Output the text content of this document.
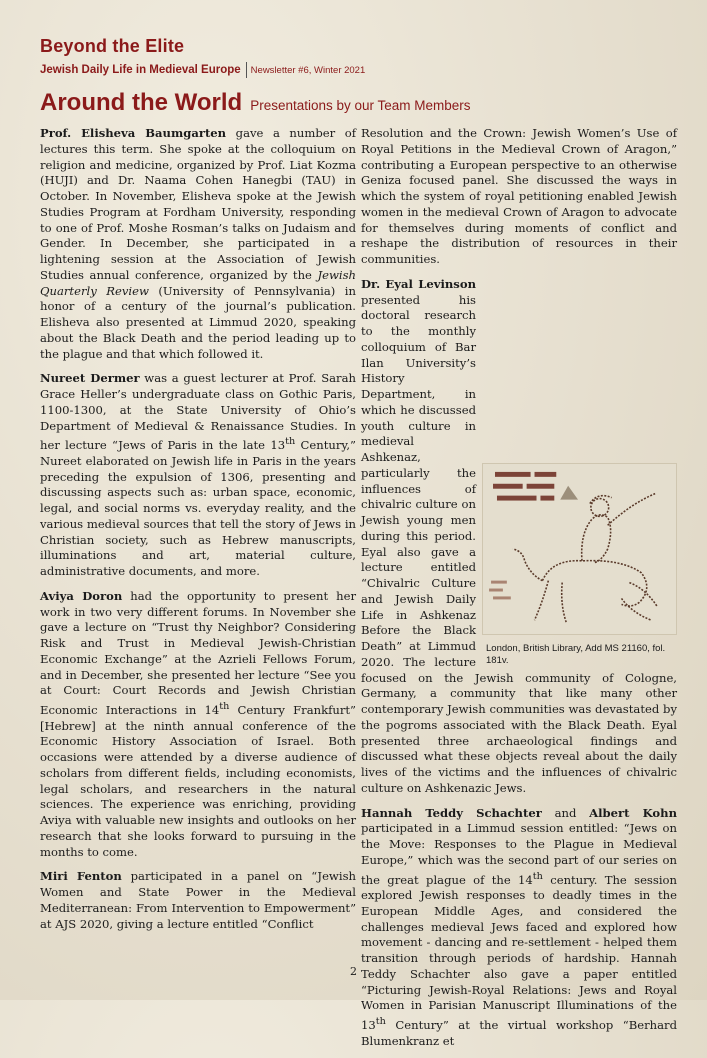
Beyond the Elite
Jewish Daily Life in Medieval Europe Newsletter #6, Winter 2021
Around the World Presentations by our Team Members

Prof. Elisheva Baumgarten gave a number of lectures this term. She spoke at the colloquium on religion and medicine, organized by Prof. Liat Kozma (HUJI) and Dr. Naama Cohen Hanegbi (TAU) in October. In November, Elisheva spoke at the Jewish Studies Program at Fordham University, responding to one of Prof. Moshe Rosman’s talks on Judaism and Gender. In December, she participated in a lightening session at the Association of Jewish Studies annual conference, organized by the Jewish Quarterly Review (University of Pennsylvania) in honor of a century of the journal’s publication. Elisheva also presented at Limmud 2020, speaking about the Black Death and the period leading up to the plague and that which followed it.

Nureet Dermer was a guest lecturer at Prof. Sarah Grace Heller’s undergraduate class on Gothic Paris, 1100-1300, at the State University of Ohio’s Department of Medieval & Renaissance Studies. In her lecture “Jews of Paris in the late 13th Century,” Nureet elaborated on Jewish life in Paris in the years preceding the expulsion of 1306, presenting and discussing aspects such as: urban space, economic, legal, and social norms vs. everyday reality, and the various medieval sources that tell the story of Jews in Christian society, such as Hebrew manuscripts, illuminations and art, material culture, administrative documents, and more.

Aviya Doron had the opportunity to present her work in two very different forums. In November she gave a lecture on “Trust thy Neighbor? Considering Risk and Trust in Medieval Jewish-Christian Economic Exchange” at the Azrieli Fellows Forum, and in December, she presented her lecture “See you at Court: Court Records and Jewish Christian Economic Interactions in 14th Century Frankfurt” [Hebrew] at the ninth annual conference of the Economic History Association of Israel. Both occasions were attended by a diverse audience of scholars from different fields, including economists, legal scholars, and researchers in the natural sciences. The experience was enriching, providing Aviya with valuable new insights and outlooks on her research that she looks forward to pursuing in the months to come.

Miri Fenton participated in a panel on “Jewish Women and State Power in the Medieval Mediterranean: From Intervention to Empowerment” at AJS 2020, giving a lecture entitled “Conflict

Resolution and the Crown: Jewish Women’s Use of Royal Petitions in the Medieval Crown of Aragon,” contributing a European perspective to an otherwise Geniza focused panel. She discussed the ways in which the system of royal petitioning enabled Jewish women in the medieval Crown of Aragon to advocate for themselves during moments of conflict and reshape the distribution of resources in their communities.

London, British Library, Add MS 21160, fol. 181v.
Dr. Eyal Levinson presented his doctoral research to the monthly colloquium of Bar Ilan University’s History Department, in which he discussed youth culture in medieval Ashkenaz, particularly the influences of chivalric culture on Jewish young men during this period. Eyal also gave a lecture entitled “Chivalric Culture and Jewish Daily Life in Ashkenaz Before the Black Death” at Limmud 2020. The lecture focused on the Jewish community of Cologne, Germany, a community that like many other contemporary Jewish communities was devastated by the pogroms associated with the Black Death. Eyal presented three archaeological findings and discussed what these objects reveal about the daily lives of the victims and the influences of chivalric culture on Ashkenazic Jews.

Hannah Teddy Schachter and Albert Kohn participated in a Limmud session entitled: “Jews on the Move: Responses to the Plague in Medieval Europe,” which was the second part of our series on the great plague of the 14th century. The session explored Jewish responses to deadly times in the European Middle Ages, and considered the challenges medieval Jews faced and explored how movement - dancing and re-settlement - helped them transition through periods of hardship. Hannah Teddy Schachter also gave a paper entitled “Picturing Jewish-Royal Relations: Jews and Royal Women in Parisian Manuscript Illuminations of the 13th Century” at the virtual workshop “Berhard Blumenkranz et

2
